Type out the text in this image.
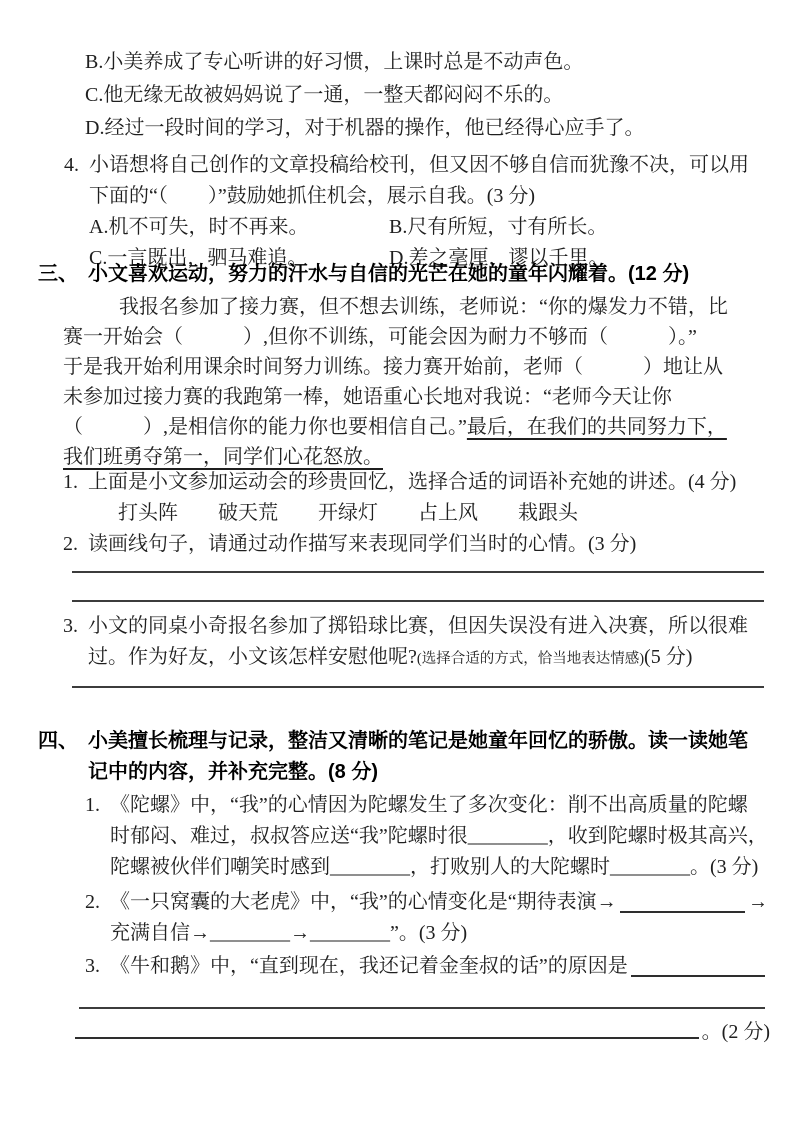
B.小美养成了专心听讲的好习惯，上课时总是不动声色。
C.他无缘无故被妈妈说了一通，一整天都闷闷不乐的。
D.经过一段时间的学习，对于机器的操作，他已经得心应手了。
4. 小语想将自己创作的文章投稿给校刊，但又因不够自信而犹豫不决，可以用
下面的“（　　）”鼓励她抓住机会，展示自我。(3 分)
A.机不可失，时不再来。	B.尺有所短，寸有所长。
C.一言既出，驷马难追。	D.差之毫厘，谬以千里。
三、 小文喜欢运动，努力的汗水与自信的光芒在她的童年闪耀着。(12 分)
我报名参加了接力赛，但不想去训练，老师说：“你的爆发力不错，比
赛一开始会（　　　）,但你不训练，可能会因为耐力不够而（　　　）。”
于是我开始利用课余时间努力训练。接力赛开始前，老师（　　　）地让从
未参加过接力赛的我跑第一棒，她语重心长地对我说：“老师今天让你
（　　　）,是相信你的能力你也要相信自己。”最后，在我们的共同努力下，
我们班勇夺第一，同学们心花怒放。
1. 上面是小文参加运动会的珍贵回忆，选择合适的词语补充她的讲述。(4 分)
打头阵　　破天荒　　开绿灯　　占上风　　栽跟头
2. 读画线句子，请通过动作描写来表现同学们当时的心情。(3 分)
3. 小文的同桌小奇报名参加了掷铅球比赛，但因失误没有进入决赛，所以很难
过。作为好友，小文该怎样安慰他呢?(选择合适的方式，恰当地表达情感)(5 分)
四、 小美擅长梳理与记录，整洁又清晰的笔记是她童年回忆的骄傲。读一读她笔
记中的内容，并补充完整。(8 分)
1. 《陀螺》中，“我”的心情因为陀螺发生了多次变化：削不出高质量的陀螺
时郁闷、难过，叔叔答应送“我”陀螺时很________，收到陀螺时极其高兴，
陀螺被伙伴们嘲笑时感到________，打败别人的大陀螺时________。(3 分)
2. 《一只窝囊的大老虎》中，“我”的心情变化是“期待表演→	→
充满自信→________→________”。(3 分)
3. 《牛和鹅》中，“直到现在，我还记着金奎叔的话”的原因是
。(2 分)
